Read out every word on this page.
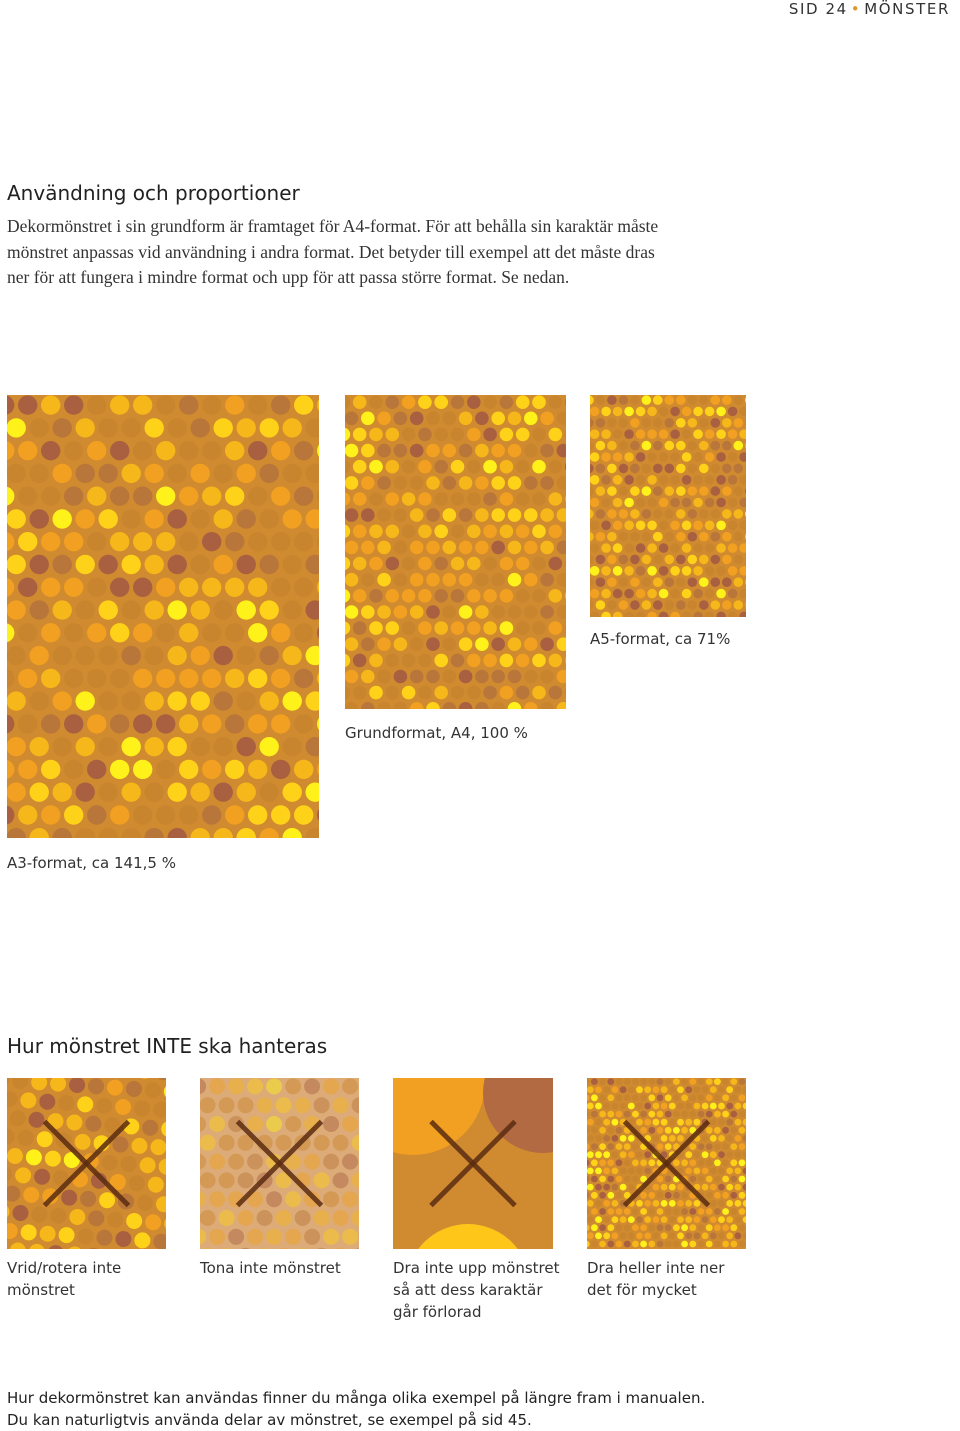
SID 24 • MÖNSTER
Användning och proportioner
Dekormönstret i sin grundform är framtaget för A4-format. För att behålla sin karaktär måste
mönstret anpassas vid användning i andra format. Det betyder till exempel att det måste dras
ner för att fungera i mindre format och upp för att passa större format. Se nedan.
A3-format, ca 141,5 %
Grundformat, A4, 100 %
A5-format, ca 71%
Hur mönstret INTE ska hanteras
Vrid/rotera inte
mönstret
Tona inte mönstret	Dra inte upp mönstret
så att dess karaktär
går förlorad
Dra heller inte ner
det för mycket
Hur dekormönstret kan användas finner du många olika exempel på längre fram i manualen.
Du kan naturligtvis använda delar av mönstret, se exempel på sid 45.
